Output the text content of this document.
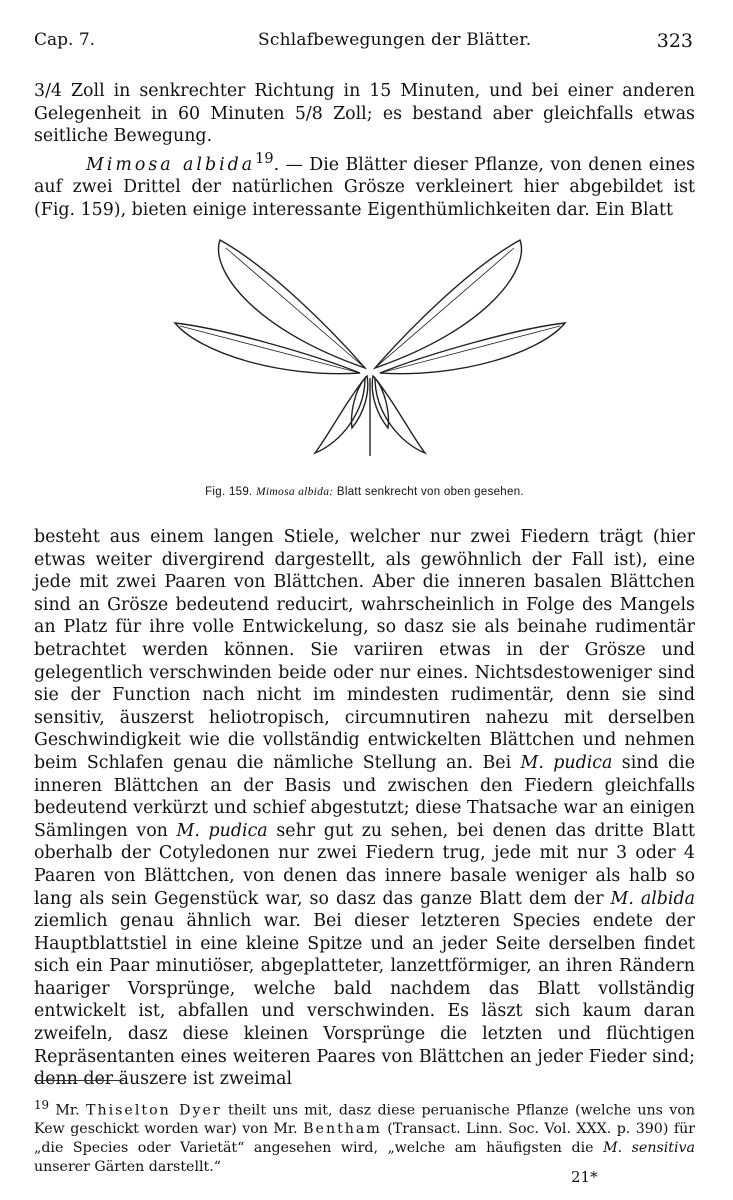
Cap. 7.	Schlafbewegungen der Blätter.	323
3/4 Zoll in senkrechter Richtung in 15 Minuten, und bei einer anderen Gelegenheit in 60 Minuten 5/8 Zoll; es bestand aber gleichfalls etwas seitliche Bewegung.
Mimosa albida$^{19}$. — Die Blätter dieser Pflanze, von denen eines auf zwei Drittel der natürlichen Grösze verkleinert hier abgebildet ist (Fig. 159), bieten einige interessante Eigenthümlichkeiten dar. Ein Blatt
Fig. 159. Mimosa albida: Blatt senkrecht von oben gesehen.
besteht aus einem langen Stiele, welcher nur zwei Fiedern trägt (hier etwas weiter divergirend dargestellt, als gewöhnlich der Fall ist), eine jede mit zwei Paaren von Blättchen. Aber die inneren basalen Blättchen sind an Grösze bedeutend reducirt, wahrscheinlich in Folge des Mangels an Platz für ihre volle Entwickelung, so dasz sie als beinahe rudimentär betrachtet werden können. Sie variiren etwas in der Grösze und gelegentlich verschwinden beide oder nur eines. Nichtsdestoweniger sind sie der Function nach nicht im mindesten rudimentär, denn sie sind sensitiv, äuszerst heliotropisch, circumnutiren nahezu mit derselben Geschwindigkeit wie die vollständig entwickelten Blättchen und nehmen beim Schlafen genau die nämliche Stellung an. Bei M. pudica sind die inneren Blättchen an der Basis und zwischen den Fiedern gleichfalls bedeutend verkürzt und schief abgestutzt; diese Thatsache war an einigen Sämlingen von M. pudica sehr gut zu sehen, bei denen das dritte Blatt oberhalb der Cotyledonen nur zwei Fiedern trug, jede mit nur 3 oder 4 Paaren von Blättchen, von denen das innere basale weniger als halb so lang als sein Gegenstück war, so dasz das ganze Blatt dem der M. albida ziemlich genau ähnlich war. Bei dieser letzteren Species endete der Hauptblattstiel in eine kleine Spitze und an jeder Seite derselben findet sich ein Paar minutiöser, abgeplatteter, lanzettförmiger, an ihren Rändern haariger Vorsprünge, welche bald nachdem das Blatt vollständig entwickelt ist, abfallen und verschwinden. Es läszt sich kaum daran zweifeln, dasz diese kleinen Vorsprünge die letzten und flüchtigen Repräsentanten eines weiteren Paares von Blättchen an jeder Fieder sind; denn der äuszere ist zweimal
$^{19}$ Mr. Thiselton Dyer theilt uns mit, dasz diese peruanische Pflanze (welche uns von Kew geschickt worden war) von Mr. Bentham (Transact. Linn. Soc. Vol. XXX. p. 390) für „die Species oder Varietät“ angesehen wird, „welche am häufigsten die M. sensitiva unserer Gärten darstellt.“
21*
